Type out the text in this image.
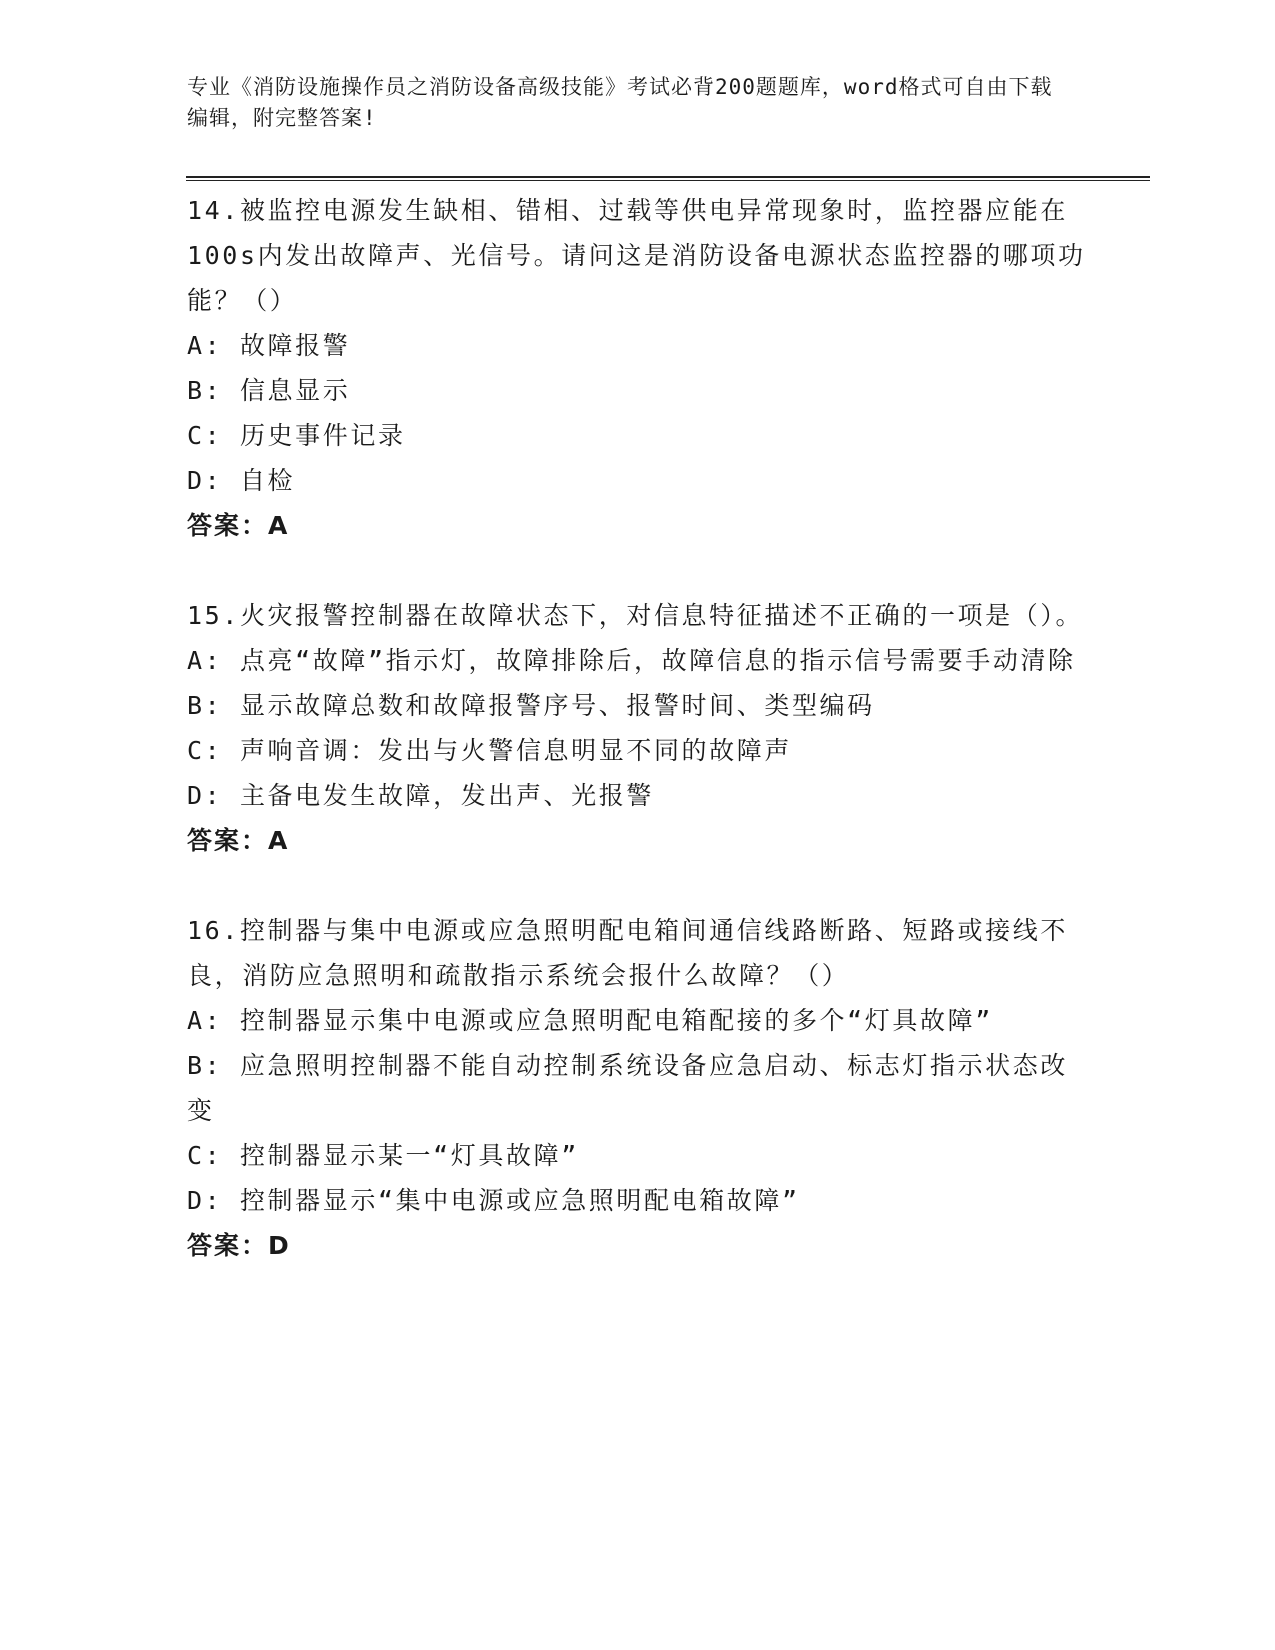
专业《消防设施操作员之消防设备高级技能》考试必背200题题库，word格式可自由下载编辑，附完整答案!

14.被监控电源发生缺相、错相、过载等供电异常现象时，监控器应能在100s内发出故障声、光信号。请问这是消防设备电源状态监控器的哪项功能？（）

A: 故障报警

B: 信息显示

C: 历史事件记录

D: 自检

答案：A

15.火灾报警控制器在故障状态下，对信息特征描述不正确的一项是（）。

A: 点亮“故障”指示灯，故障排除后，故障信息的指示信号需要手动清除

B: 显示故障总数和故障报警序号、报警时间、类型编码

C: 声响音调：发出与火警信息明显不同的故障声

D: 主备电发生故障，发出声、光报警

答案：A

16.控制器与集中电源或应急照明配电箱间通信线路断路、短路或接线不良，消防应急照明和疏散指示系统会报什么故障？（）

A: 控制器显示集中电源或应急照明配电箱配接的多个“灯具故障”

B: 应急照明控制器不能自动控制系统设备应急启动、标志灯指示状态改变

C: 控制器显示某一“灯具故障”

D: 控制器显示“集中电源或应急照明配电箱故障”

答案：D
